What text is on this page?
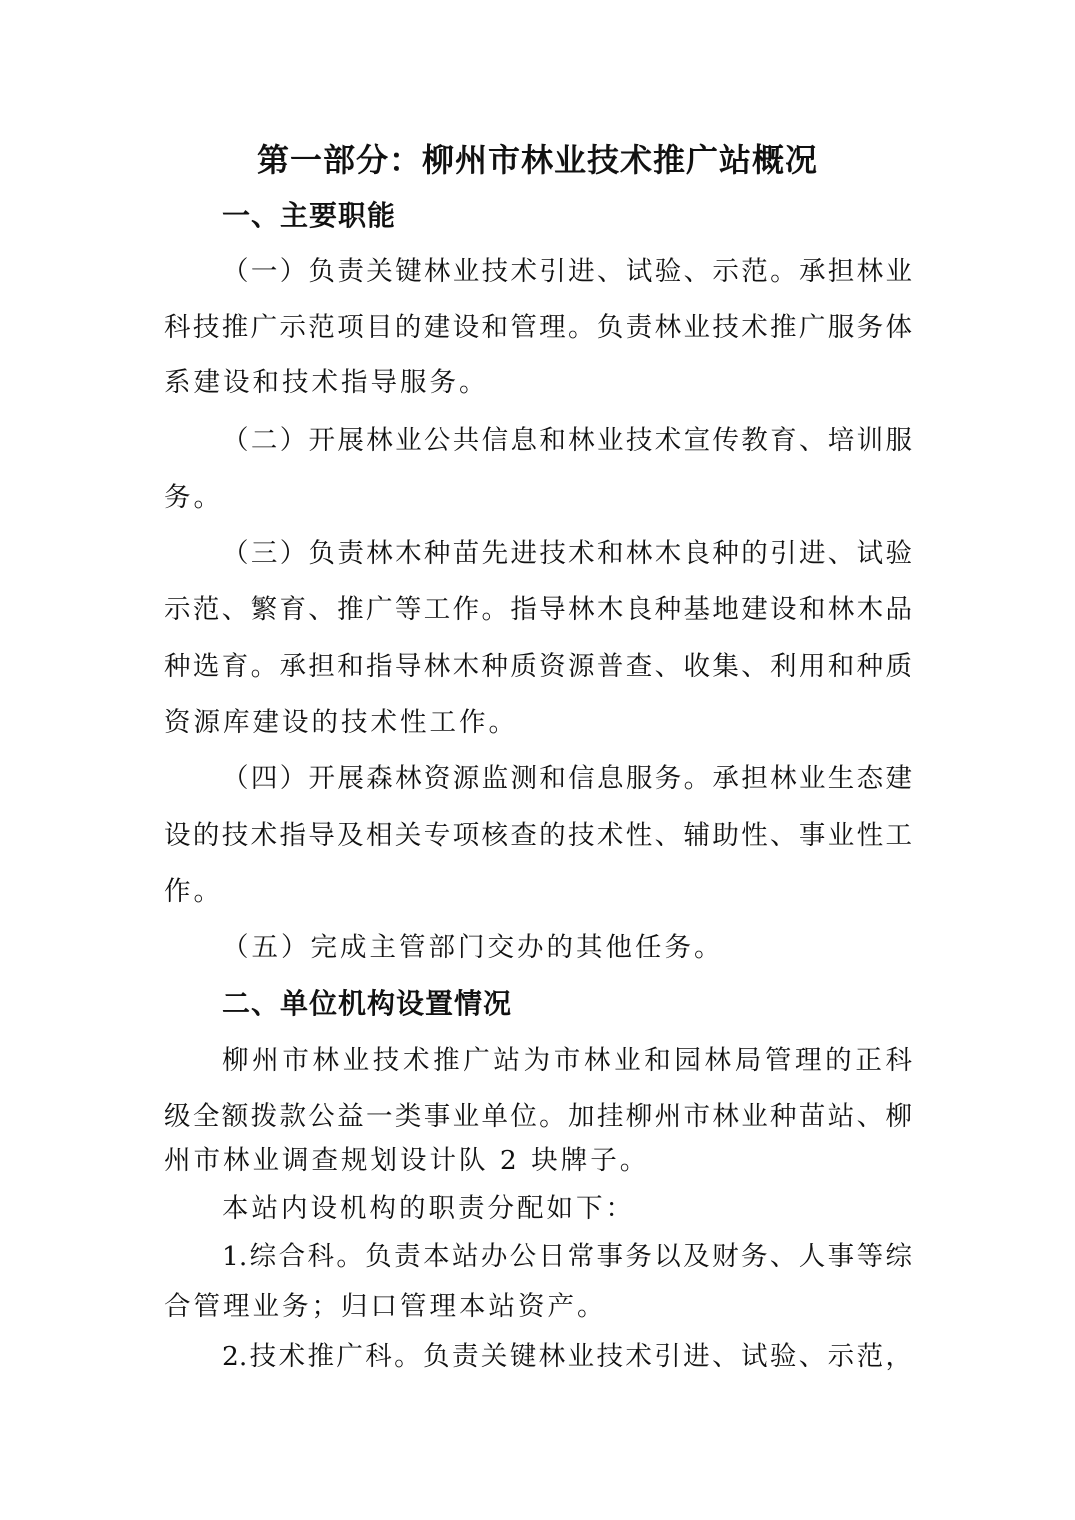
第一部分：柳州市林业技术推广站概况
一、主要职能
（一）负责关键林业技术引进、试验、示范。承担林业
科技推广示范项目的建设和管理。负责林业技术推广服务体
系建设和技术指导服务。
（二）开展林业公共信息和林业技术宣传教育、培训服
务。
（三）负责林木种苗先进技术和林木良种的引进、试验
示范、繁育、推广等工作。指导林木良种基地建设和林木品
种选育。承担和指导林木种质资源普查、收集、利用和种质
资源库建设的技术性工作。
（四）开展森林资源监测和信息服务。承担林业生态建
设的技术指导及相关专项核查的技术性、辅助性、事业性工
作。
（五）完成主管部门交办的其他任务。
二、单位机构设置情况
柳州市林业技术推广站为市林业和园林局管理的正科
级全额拨款公益一类事业单位。加挂柳州市林业种苗站、柳
州市林业调查规划设计队 2 块牌子。
本站内设机构的职责分配如下：
1.综合科。负责本站办公日常事务以及财务、人事等综
合管理业务；归口管理本站资产。
2.技术推广科。负责关键林业技术引进、试验、示范，
